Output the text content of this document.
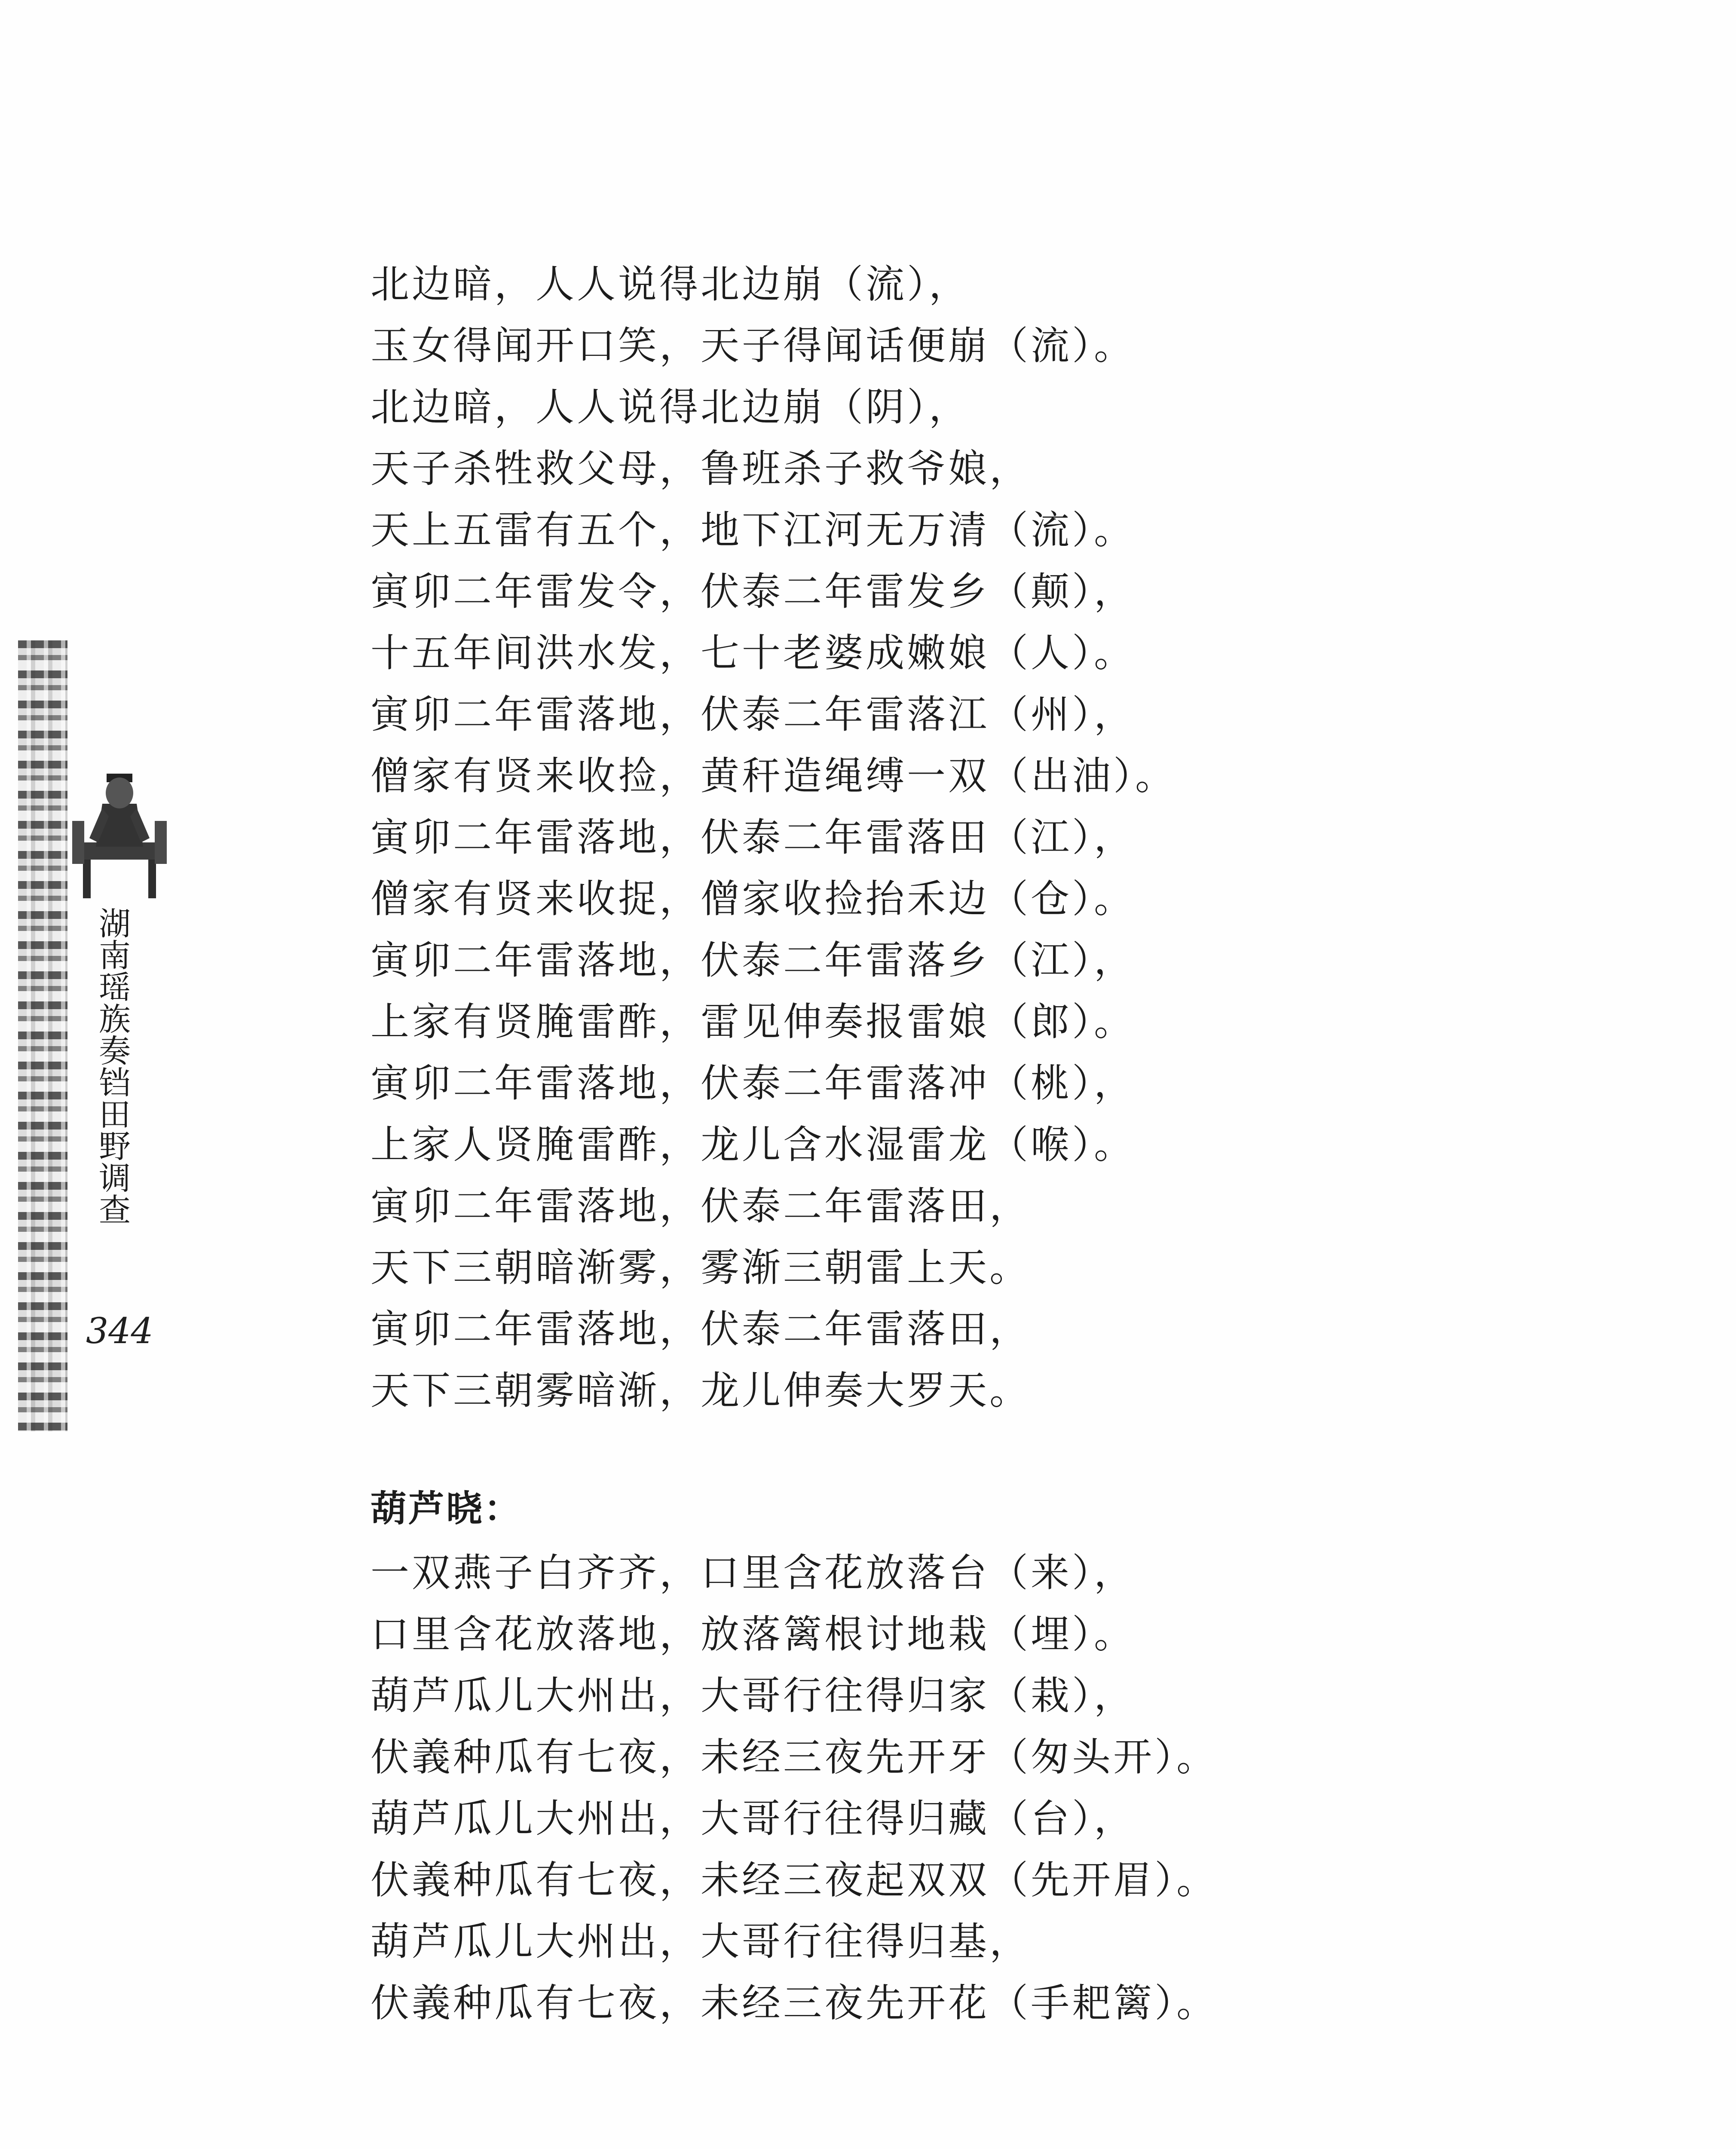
湖南瑶族奏铛田野调查
344
北边暗，人人说得北边崩（流），
玉女得闻开口笑，天子得闻话便崩（流）。
北边暗，人人说得北边崩（阴），
天子杀牲救父母，鲁班杀子救爷娘，
天上五雷有五个，地下江河无万清（流）。
寅卯二年雷发令，伏泰二年雷发乡（颠），
十五年间洪水发，七十老婆成嫩娘（人）。
寅卯二年雷落地，伏泰二年雷落江（州），
僧家有贤来收捡，黄秆造绳缚一双（出油）。
寅卯二年雷落地，伏泰二年雷落田（江），
僧家有贤来收捉，僧家收捡抬禾边（仓）。
寅卯二年雷落地，伏泰二年雷落乡（江），
上家有贤腌雷酢，雷见伸奏报雷娘（郎）。
寅卯二年雷落地，伏泰二年雷落冲（桃），
上家人贤腌雷酢，龙儿含水湿雷龙（喉）。
寅卯二年雷落地，伏泰二年雷落田，
天下三朝暗渐雾，雾渐三朝雷上天。
寅卯二年雷落地，伏泰二年雷落田，
天下三朝雾暗渐，龙儿伸奏大罗天。
葫芦晓：
一双燕子白齐齐，口里含花放落台（来），
口里含花放落地，放落篱根讨地栽（埋）。
葫芦瓜儿大州出，大哥行往得归家（栽），
伏義种瓜有七夜，未经三夜先开牙（匆头开）。
葫芦瓜儿大州出，大哥行往得归藏（台），
伏義种瓜有七夜，未经三夜起双双（先开眉）。
葫芦瓜儿大州出，大哥行往得归基，
伏義种瓜有七夜，未经三夜先开花（手耙篱）。
